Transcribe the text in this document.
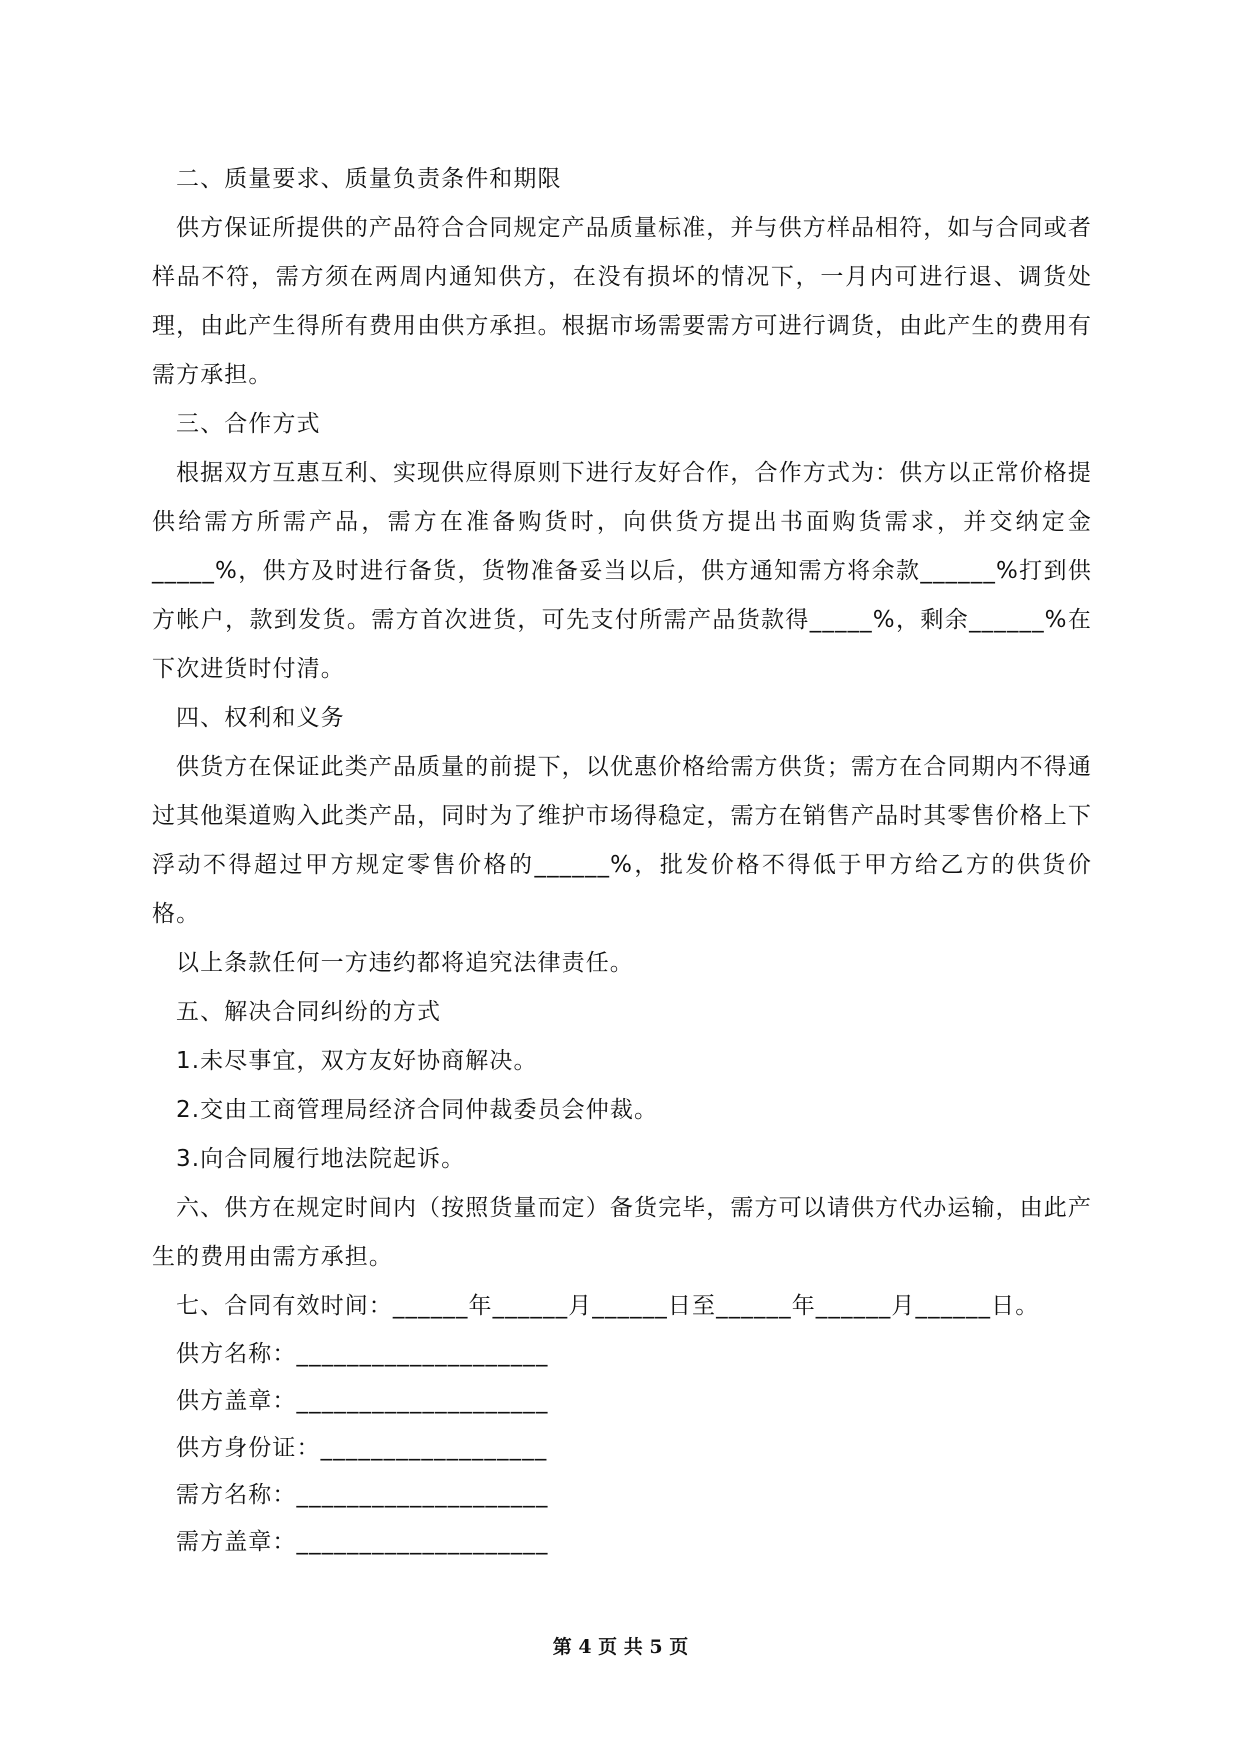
二、质量要求、质量负责条件和期限

供方保证所提供的产品符合合同规定产品质量标准，并与供方样品相符，如与合同或者样品不符，需方须在两周内通知供方，在没有损坏的情况下，一月内可进行退、调货处理，由此产生得所有费用由供方承担。根据市场需要需方可进行调货，由此产生的费用有需方承担。

三、合作方式

根据双方互惠互利、实现供应得原则下进行友好合作，合作方式为：供方以正常价格提供给需方所需产品，需方在准备购货时，向供货方提出书面购货需求，并交纳定金_____%，供方及时进行备货，货物准备妥当以后，供方通知需方将余款______%打到供方帐户，款到发货。需方首次进货，可先支付所需产品货款得_____%，剩余______%在下次进货时付清。

四、权利和义务

供货方在保证此类产品质量的前提下，以优惠价格给需方供货；需方在合同期内不得通过其他渠道购入此类产品，同时为了维护市场得稳定，需方在销售产品时其零售价格上下浮动不得超过甲方规定零售价格的______%，批发价格不得低于甲方给乙方的供货价格。

以上条款任何一方违约都将追究法律责任。

五、解决合同纠纷的方式

1.未尽事宜，双方友好协商解决。

2.交由工商管理局经济合同仲裁委员会仲裁。

3.向合同履行地法院起诉。

六、供方在规定时间内（按照货量而定）备货完毕，需方可以请供方代办运输，由此产生的费用由需方承担。

七、合同有效时间：______年______月______日至______年______月______日。

供方名称：____________________

供方盖章：____________________

供方身份证：__________________

需方名称：____________________

需方盖章：____________________

第 4 页 共 5 页
